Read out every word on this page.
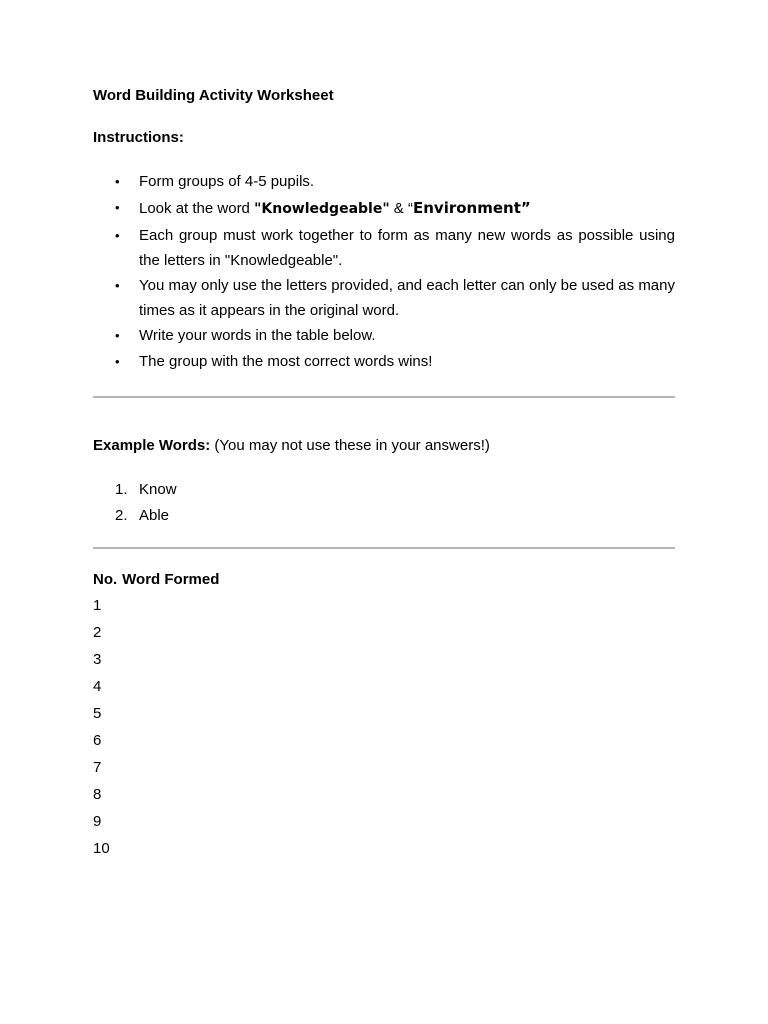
Word Building Activity Worksheet
Instructions:
• Form groups of 4-5 pupils.
• Look at the word "Knowledgeable" & “Environment”
• Each group must work together to form as many new words as possible using the letters in "Knowledgeable".
• You may only use the letters provided, and each letter can only be used as many times as it appears in the original word.
• Write your words in the table below.
• The group with the most correct words wins!
Example Words: (You may not use these in your answers!)
1. Know
2. Able
No. Word Formed
1
2
3
4
5
6
7
8
9
10
